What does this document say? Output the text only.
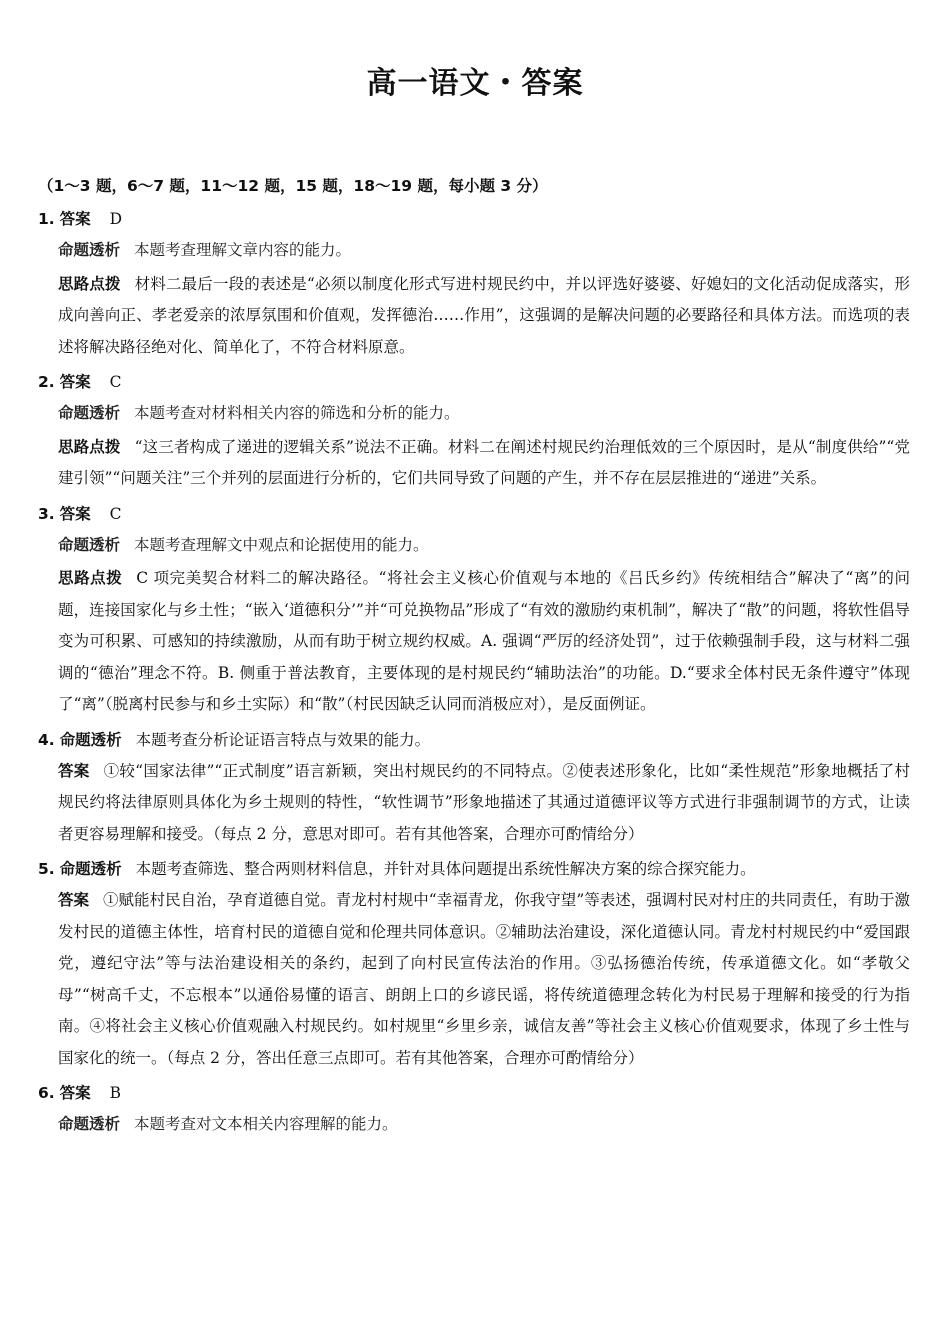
高一语文・答案
（1～3 题，6～7 题，11～12 题，15 题，18～19 题，每小题 3 分）
1. 答案 D
命题透析 本题考查理解文章内容的能力。
思路点拨 材料二最后一段的表述是“必须以制度化形式写进村规民约中，并以评选好婆婆、好媳妇的文化活动促成落实，形成向善向正、孝老爱亲的浓厚氛围和价值观，发挥德治……作用”，这强调的是解决问题的必要路径和具体方法。而选项的表述将解决路径绝对化、简单化了，不符合材料原意。
2. 答案 C
命题透析 本题考查对材料相关内容的筛选和分析的能力。
思路点拨 “这三者构成了递进的逻辑关系”说法不正确。材料二在阐述村规民约治理低效的三个原因时，是从“制度供给”“党建引领”“问题关注”三个并列的层面进行分析的，它们共同导致了问题的产生，并不存在层层推进的“递进”关系。
3. 答案 C
命题透析 本题考查理解文中观点和论据使用的能力。
思路点拨 C 项完美契合材料二的解决路径。“将社会主义核心价值观与本地的《吕氏乡约》传统相结合”解决了“离”的问题，连接国家化与乡土性；“嵌入‘道德积分’”并“可兑换物品”形成了“有效的激励约束机制”，解决了“散”的问题，将软性倡导变为可积累、可感知的持续激励，从而有助于树立规约权威。A. 强调“严厉的经济处罚”，过于依赖强制手段，这与材料二强调的“德治”理念不符。B. 侧重于普法教育，主要体现的是村规民约“辅助法治”的功能。D.“要求全体村民无条件遵守”体现了“离”（脱离村民参与和乡土实际）和“散”（村民因缺乏认同而消极应对），是反面例证。
4. 命题透析 本题考查分析论证语言特点与效果的能力。
答案 ①较“国家法律”“正式制度”语言新颖，突出村规民约的不同特点。②使表述形象化，比如“柔性规范”形象地概括了村规民约将法律原则具体化为乡土规则的特性，“软性调节”形象地描述了其通过道德评议等方式进行非强制调节的方式，让读者更容易理解和接受。（每点 2 分，意思对即可。若有其他答案，合理亦可酌情给分）
5. 命题透析 本题考查筛选、整合两则材料信息，并针对具体问题提出系统性解决方案的综合探究能力。
答案 ①赋能村民自治，孕育道德自觉。青龙村村规中“幸福青龙，你我守望”等表述，强调村民对村庄的共同责任，有助于激发村民的道德主体性，培育村民的道德自觉和伦理共同体意识。②辅助法治建设，深化道德认同。青龙村村规民约中“爱国跟党，遵纪守法”等与法治建设相关的条约，起到了向村民宣传法治的作用。③弘扬德治传统，传承道德文化。如“孝敬父母”“树高千丈，不忘根本”以通俗易懂的语言、朗朗上口的乡谚民谣，将传统道德理念转化为村民易于理解和接受的行为指南。④将社会主义核心价值观融入村规民约。如村规里“乡里乡亲，诚信友善”等社会主义核心价值观要求，体现了乡土性与国家化的统一。（每点 2 分，答出任意三点即可。若有其他答案，合理亦可酌情给分）
6. 答案 B
命题透析 本题考查对文本相关内容理解的能力。
